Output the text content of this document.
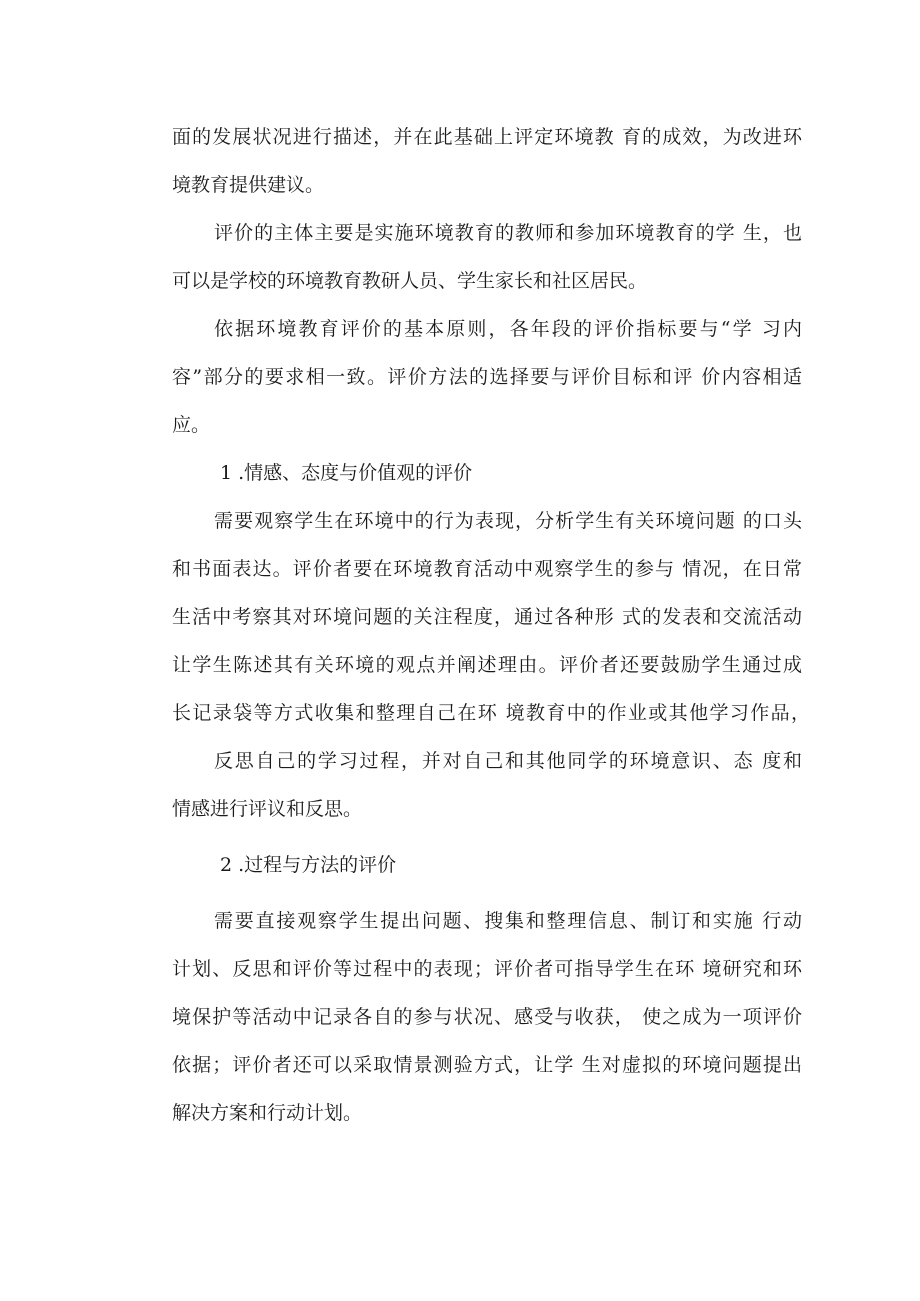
面的发展状况进行描述，并在此基础上评定环境教 育的成效，为改进环

境教育提供建议。

评价的主体主要是实施环境教育的教师和参加环境教育的学 生，也

可以是学校的环境教育教研人员、学生家长和社区居民。

依据环境教育评价的基本原则，各年段的评价指标要与“学 习内

容”部分的要求相一致。评价方法的选择要与评价目标和评 价内容相适

应。

1 .情感、态度与价值观的评价

需要观察学生在环境中的行为表现，分析学生有关环境问题 的口头

和书面表达。评价者要在环境教育活动中观察学生的参与 情况，在日常

生活中考察其对环境问题的关注程度，通过各种形 式的发表和交流活动

让学生陈述其有关环境的观点并阐述理由。评价者还要鼓励学生通过成

长记录袋等方式收集和整理自己在环 境教育中的作业或其他学习作品，

反思自己的学习过程，并对自己和其他同学的环境意识、态 度和

情感进行评议和反思。

2 .过程与方法的评价

需要直接观察学生提出问题、搜集和整理信息、制订和实施 行动

计划、反思和评价等过程中的表现；评价者可指导学生在环 境研究和环

境保护等活动中记录各自的参与状况、感受与收获， 使之成为一项评价

依据；评价者还可以采取情景测验方式，让学 生对虚拟的环境问题提出

解决方案和行动计划。
